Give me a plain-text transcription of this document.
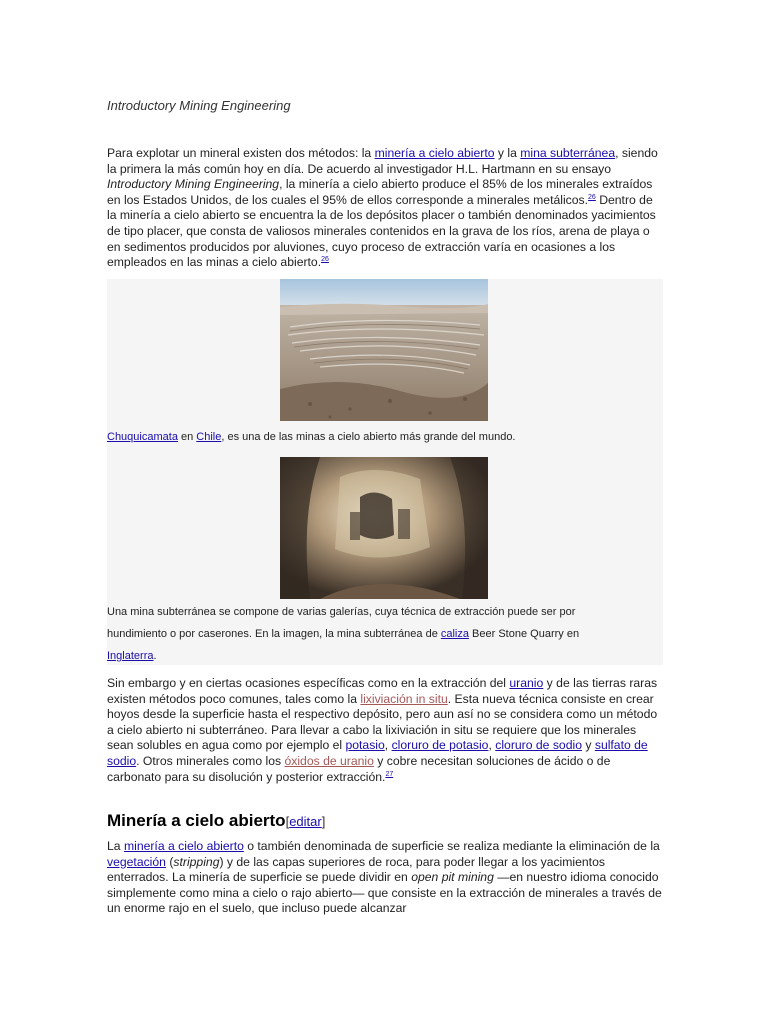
Introductory Mining Engineering

Para explotar un mineral existen dos métodos: la minería a cielo abierto y la mina subterránea, siendo la primera la más común hoy en día. De acuerdo al investigador H.L. Hartmann en su ensayo Introductory Mining Engineering, la minería a cielo abierto produce el 85% de los minerales extraídos en los Estados Unidos, de los cuales el 95% de ellos corresponde a minerales metálicos.$^{26}$ Dentro de la minería a cielo abierto se encuentra la de los depósitos placer o también denominados yacimientos de tipo placer, que consta de valiosos minerales contenidos en la grava de los ríos, arena de playa o en sedimentos producidos por aluviones, cuyo proceso de extracción varía en ocasiones a los empleados en las minas a cielo abierto.$^{26}$

Chuquicamata en Chile, es una de las minas a cielo abierto más grande del mundo.
Una mina subterránea se compone de varias galerías, cuya técnica de extracción puede ser por hundimiento o por caserones. En la imagen, la mina subterránea de caliza Beer Stone Quarry en Inglaterra.

Sin embargo y en ciertas ocasiones específicas como en la extracción del uranio y de las tierras raras existen métodos poco comunes, tales como la lixiviación in situ. Esta nueva técnica consiste en crear hoyos desde la superficie hasta el respectivo depósito, pero aun así no se considera como un método a cielo abierto ni subterráneo. Para llevar a cabo la lixiviación in situ se requiere que los minerales sean solubles en agua como por ejemplo el potasio, cloruro de potasio, cloruro de sodio y sulfato de sodio. Otros minerales como los óxidos de uranio y cobre necesitan soluciones de ácido o de carbonato para su disolución y posterior extracción.$^{27}$

Minería a cielo abierto[editar]

La minería a cielo abierto o también denominada de superficie se realiza mediante la eliminación de la vegetación (stripping) y de las capas superiores de roca, para poder llegar a los yacimientos enterrados. La minería de superficie se puede dividir en open pit mining —en nuestro idioma conocido simplemente como mina a cielo o rajo abierto— que consiste en la extracción de minerales a través de un enorme rajo en el suelo, que incluso puede alcanzar
